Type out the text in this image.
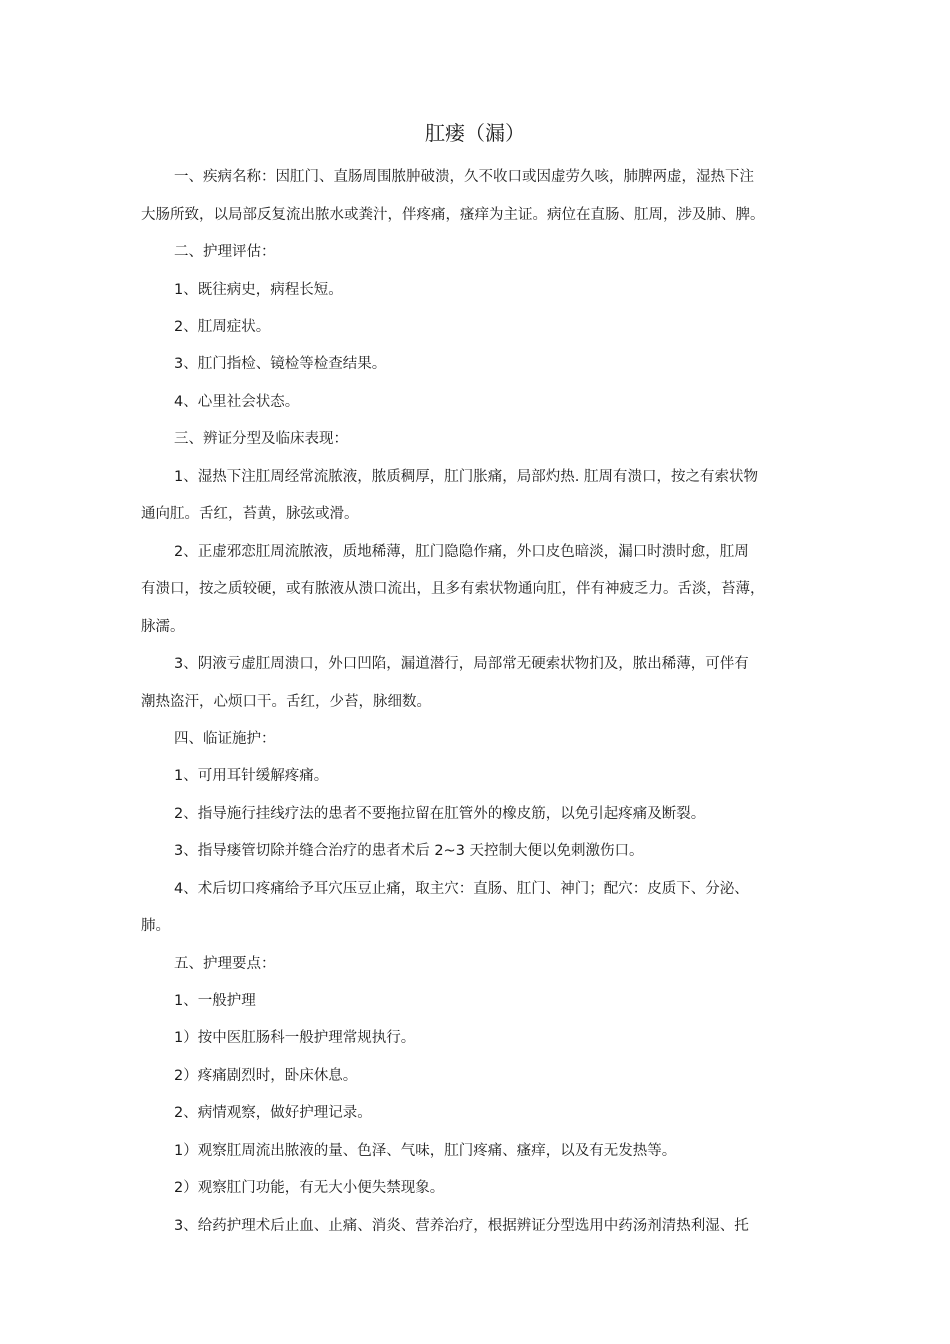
肛瘘（漏）
一、疾病名称：因肛门、直肠周围脓肿破溃，久不收口或因虚劳久咳，肺脾两虚，湿热下注
大肠所致，以局部反复流出脓水或粪汁，伴疼痛，瘙痒为主证。病位在直肠、肛周，涉及肺、脾。
二、护理评估：
1、既往病史，病程长短。
2、肛周症状。
3、肛门指检、镜检等检查结果。
4、心里社会状态。
三、辨证分型及临床表现：
1、湿热下注肛周经常流脓液，脓质稠厚，肛门胀痛，局部灼热. 肛周有溃口，按之有索状物
通向肛。舌红，苔黄，脉弦或滑。
2、正虚邪恋肛周流脓液，质地稀薄，肛门隐隐作痛，外口皮色暗淡，漏口时溃时愈，肛周
有溃口，按之质较硬，或有脓液从溃口流出，且多有索状物通向肛，伴有神疲乏力。舌淡，苔薄，
脉濡。
3、阴液亏虚肛周溃口，外口凹陷，漏道潜行，局部常无硬索状物扪及，脓出稀薄，可伴有
潮热盗汗，心烦口干。舌红，少苔，脉细数。
四、临证施护：
1、可用耳针缓解疼痛。
2、指导施行挂线疗法的患者不要拖拉留在肛管外的橡皮筋，以免引起疼痛及断裂。
3、指导瘘管切除并缝合治疗的患者术后 2~3 天控制大便以免刺激伤口。
4、术后切口疼痛给予耳穴压豆止痛，取主穴：直肠、肛门、神门；配穴：皮质下、分泌、
肺。
五、护理要点：
1、一般护理
1）按中医肛肠科一般护理常规执行。
2）疼痛剧烈时，卧床休息。
2、病情观察，做好护理记录。
1）观察肛周流出脓液的量、色泽、气味，肛门疼痛、瘙痒，以及有无发热等。
2）观察肛门功能，有无大小便失禁现象。
3、给药护理术后止血、止痛、消炎、营养治疗，根据辨证分型选用中药汤剂清热利湿、托
